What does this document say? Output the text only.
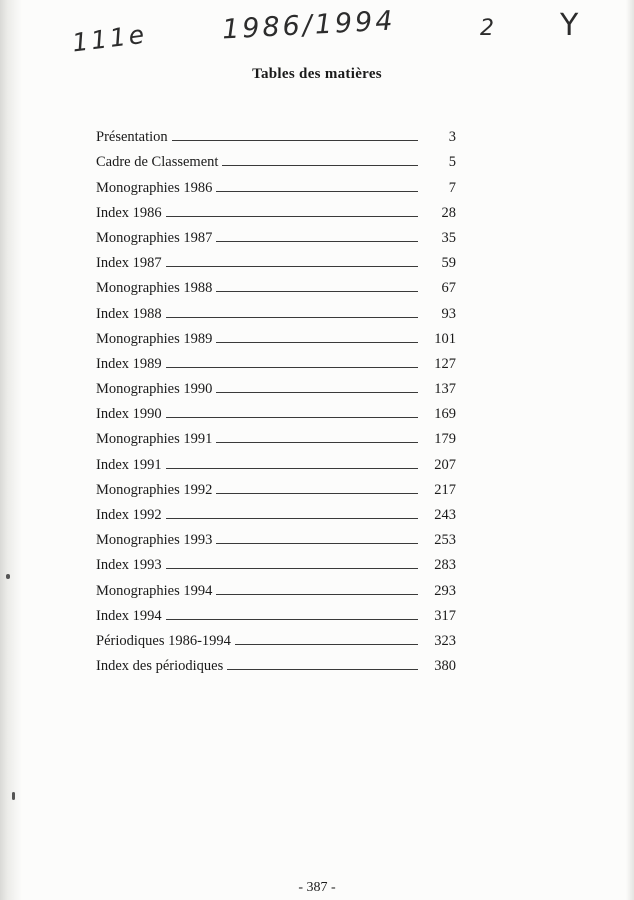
111e	1986/1994	2 Y
Tables des matières
Présentation	3
Cadre de Classement	5
Monographies 1986	7
Index 1986	28
Monographies 1987	35
Index 1987	59
Monographies 1988	67
Index 1988	93
Monographies 1989	101
Index 1989	127
Monographies 1990	137
Index 1990	169
Monographies 1991	179
Index 1991	207
Monographies 1992	217
Index 1992	243
Monographies 1993	253
Index 1993	283
Monographies 1994	293
Index 1994	317
Périodiques 1986-1994	323
Index des périodiques	380
- 387 -
